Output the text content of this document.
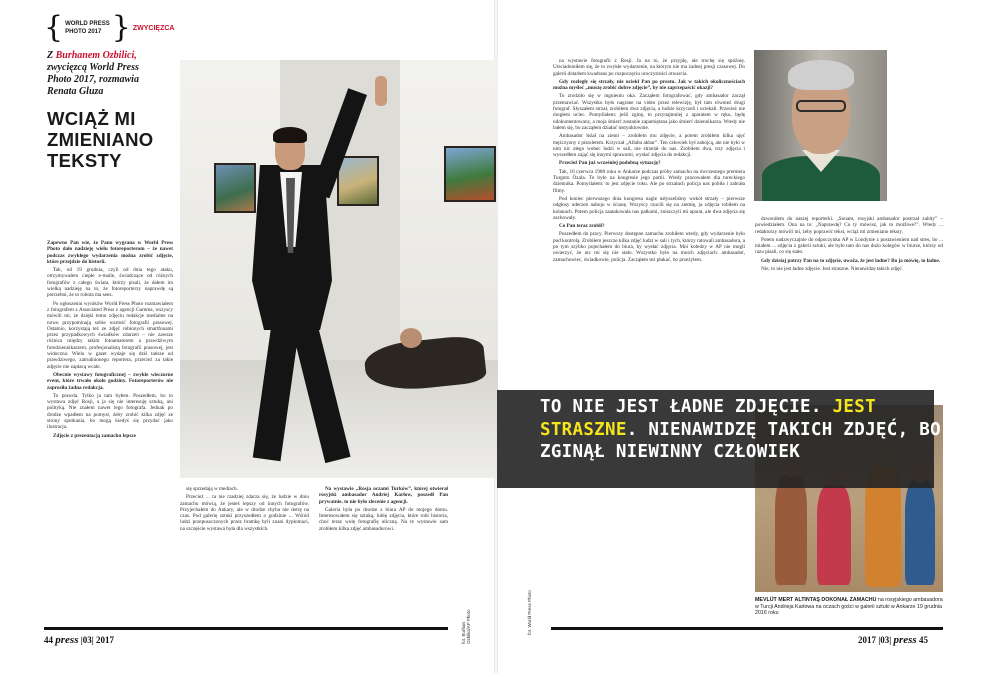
{ WORLD PRESS
PHOTO 2017 } ZWYCIĘZCA
Z Burhanem Ozbilici, zwycięzcą World Press Photo 2017, rozmawia Renata Gluza
WCIĄŻ MI ZMIENIANO TEKSTY

Zapewne Pan wie, że Panu wygrana w World Press Photo dało nadzieję wielu fotoreporterom – że nawet podczas zwykłego wydarzenia można zrobić zdjęcie, które przejdzie do historii.

Tak, od 19 grudnia, czyli od dnia tego ataku, otrzymywałem ciepłe e-maile, świadczące od różnych fotografów z całego świata, którzy pisali, że dałem im wielką nadzieję na to, że fotoreporterzy naprawdę są potrzebni, że to robota ma sens.

Po ogłoszeniu wyników World Press Photo rozmawiałem z fotografem z Associated Press z agencji Gamma, wszyscy mówili mi, że dzięki temu zdjęciu redakcje medialne na nowo przypominają sobie wartość fotografii prasowej. Ostatnio, korzystają też ze zdjęć robionych smartfonami przez przypadkowych świadków zdarzeń – nie zawsze różnica między takim fotoamatorem a prawdziwym fotodziennikarzem, profesjonalistą fotografii prasowej, jest widoczna. Wielu w gazet wydaje się dziś tańsze od prawdziwego, zatrudnionego reportera, przecież za takie zdjęcie nie zapłacą wcale.

Obecnie wystawy fotograficznej – zwykłe wieczorne event, które trwało około godziny. Fotoreporterów nie zaprosiła żadna redakcja.

To prawda. Tylko ja tam byłem. Poszedłem, bo to wystawa zdjęć Rosji, a ja się nie interesuję sztuką, ani polityką. Nie znałem nawet tego fotografa. Jednak po drodze wpadłem na pomysł, żeby zrobić kilka zdjęć ze strony spotkania, bo mogą kiedyś się przydać jako ilustracja.

Zdjęcie z prezentacją zamachu lepsze

się sprzedają w mediach.

Przecież ... ta nie rzadziej zdarza się, że ludzie w dniu zamachu mówią, że jesteś lepszy od innych fotografów. Przyjechałem do Ankary, ale w drodze chyba nie dotrę na czas. Pod galerię sztuki przyszedłem o godzinie ... Wśród ludzi przepuszczonych przez bramkę byli znani dyplomaci, na szczęście wystawa była dla wszystkich.

Na wystawie „Rosja oczami Turków”, której otwierał rosyjski ambasador Andriej Karłow, poszedł Pan prywatnie, to nie było zlecenie z agencji.

Galeria była po drodze z biura AP do mojego domu. Interesowałem się sztuką, lubię zdjęcia, które robi historia, choć teraz wolę fotografię uliczną. Na te wystawie sam zrobiłem kilka zdjęć ambasadorowi.

fot. Burhan Ozbilici/AP Photo	fot. World Press Photo

na wystawie fotografii z Rosji. Ja na to, że przyjdę, ale trochę się spóźnię. Uświadomiłem się, że to zwykłe wydarzenie, na którym nie ma żadnej presji czasowej. Do galerii dotarłem kwadrans po rozpoczęciu uroczystości otwarcia.

Gdy rozległy się strzały, nie uciekł Pan po prostu. Jak w takich okolicznościach można myśleć „muszę zrobić dobre zdjęcie”, by nie zaprzepaścić okazji?

To zrodziło się w mgnieniu oka. Zacząłem fotografować, gdy ambasador zaczął przemawiać. Wszystko było nagrane na video przez telewizję, był tam również drugi fotograf. Słyszałem strzał, zrobiłem dwa zdjęcia, a ludzie krzyczeli i uciekali. Przecież nie mogłem uciec. Pomyślałem: jeśli zginę, to przynajmniej z aparatem w ręku, będę udokumentowany, a moja śmierć zostanie zapamiętana jako śmierć dziennikarza. Wtedy nie bałem się, bo zacząłem działać instynktownie.

Ambasador leżał na ziemi – zrobiłem mu zdjęcie, a potem zrobiłem kilka ujęć mężczyzny z pistoletem. Krzyczał „Allahu akbar”. Ten człowiek był zabójcą, ale nie było w nim nic złego wobec ludzi w sali, nie strzelał do nas. Zrobiłem dwa, trzy zdjęcia i wyszedłem zająć się innymi sprawami, wysłać zdjęcia do redakcji.

Przecież Pan już wcześniej podobną sytuację?

Tak, 16 czerwca 1988 roku w Ankarze podczas próby zamachu na ówczesnego premiera Turgutu Özala. To było na kongresie jego partii. Wtedy pracowałem dla tureckiego dziennika. Pomyślałem: to jest zdjęcie roku. Ale po strzałach policja nas pobiła i zabrała filmy.

Pod koniec pierwszego dnia kongresu nagle usłyszeliśmy wokół strzały – pierwsze odgłosy uderzeń naboju w ścianę. Wszyscy rzucili się na ziemię, ja zdjęcia robiłem na kolanach. Potem policja zaatakowała nas pałkami, zniszczyli mi aparat, ale dwa zdjęcia się zachowały.

Co Pan teraz zrobił?

Poszedłem do pracy. Pierwszy dostępne zamachu zrobiłem wtedy, gdy wydarzenie było pod kontrolą. Zrobiłem jeszcze kilka zdjęć ludzi w sali i tych, którzy ratowali ambasadora, a po tym szybko pojechałem do biura, by wysłać zdjęcia. Moi koledzy w AP nie mogli uwierzyć, że nic mi się nie stało. Wszystko było na moich zdjęciach: ambasador, zamachowiec, świadkowie, policja. Zacząłem też płakać, bo przeżyłem.

dzwoniłem do naszej reporterki. „Sonam, rosyjski ambasador postrzał zabity” – powiedziałem. Ona na to: „Naprawdę? Co ty mówisz, jak to możliwe?”. Wtedy ... redaktorzy mówili mi, żeby poprawić tekst, wciąż mi zmieniano teksty.

Potem nadzwyczajnie do odpoczynku AP w Londynie z postawieniem nad stres, bo ... miałem ... zdjęcia z galerii sztuki, ale było tam do nas dużo kolegów w biurze, którzy od razu pisali, co się stało.

Gdy dzisiaj patrzy Pan na to zdjęcie, uważa, że jest ładne? Bo ja mówię, to ładne.

Nie, to nie jest ładne zdjęcie. Jest straszne. Nienawidzę takich zdjęć.

TO NIE JEST ŁADNE ZDJĘCIE. JEST STRASZNE. NIENAWIDZĘ TAKICH ZDJĘĆ, BO ZGINĄŁ NIEWINNY CZŁOWIEK
MEVLÜT MERT ALTINTAŞ DOKONAŁ ZAMACHU na rosyjskiego ambasadora w Turcji Andrieja Karłowa na oczach gości w galerii sztuki w Ankarze 19 grudnia 2016 roku
44 press |03| 2017	2017 |03| press 45
